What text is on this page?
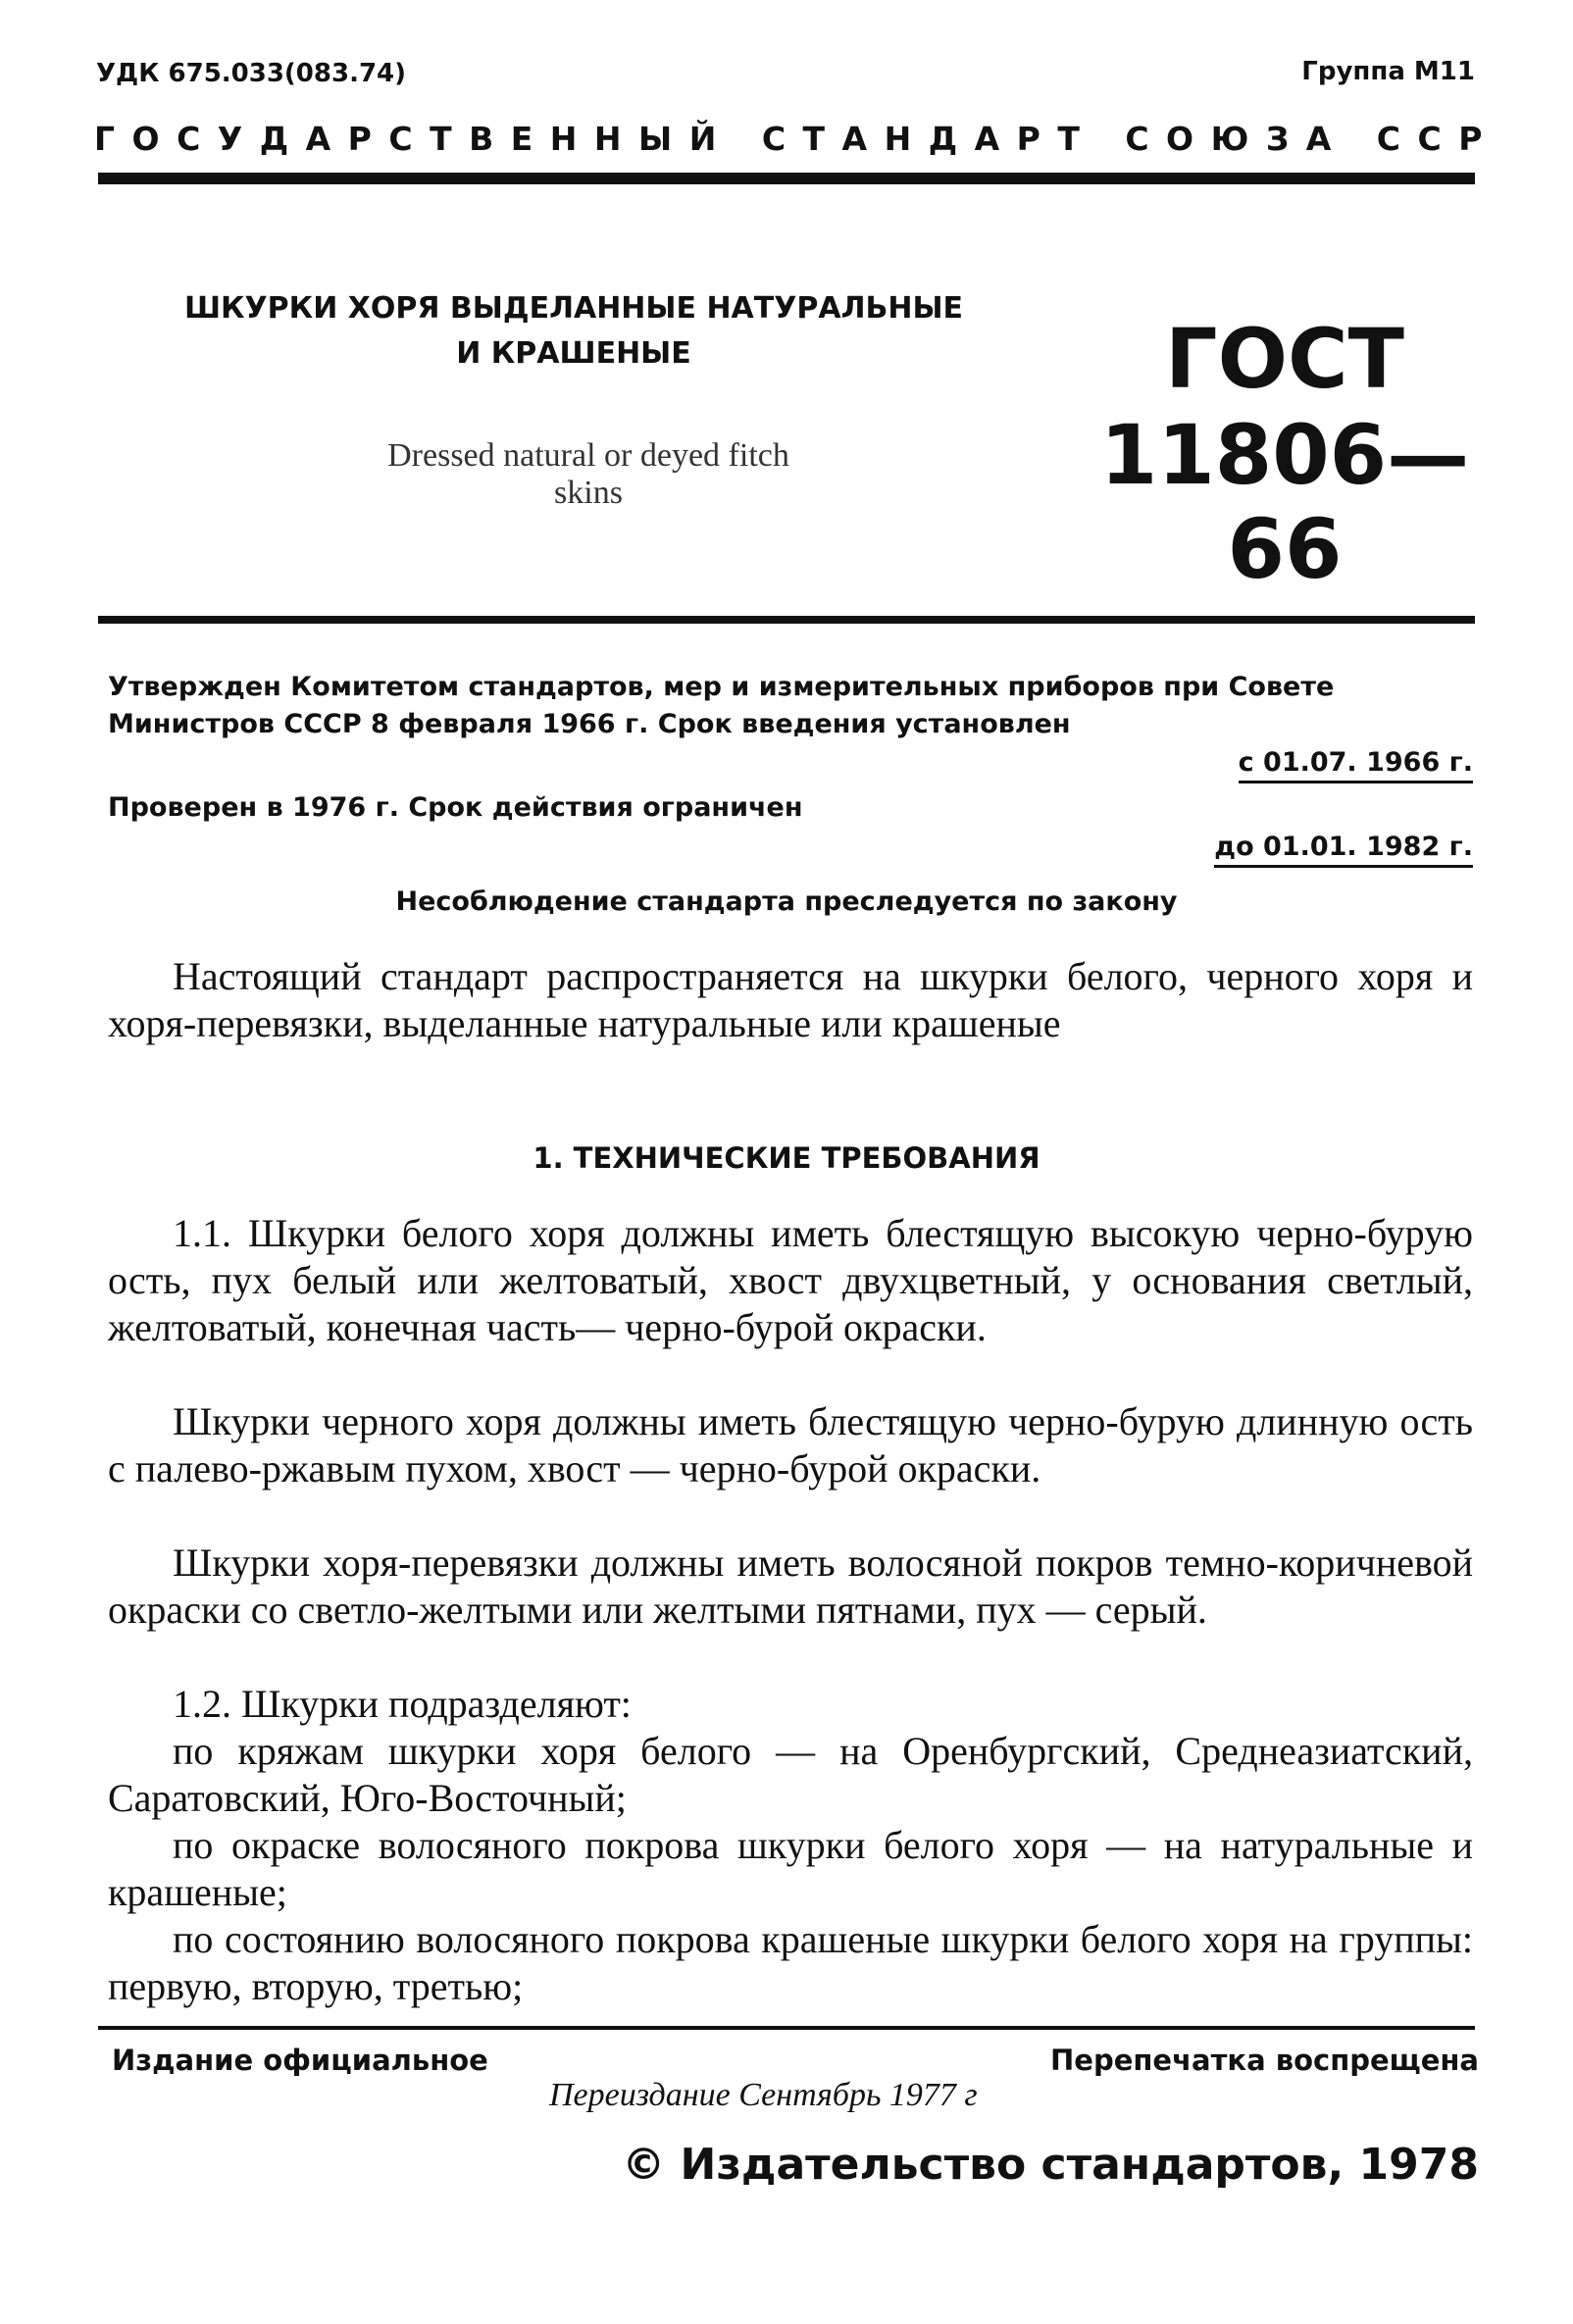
УДК 675.033(083.74)	Группа М11
ГОСУДАРСТВЕННЫЙ СТАНДАРТ СОЮЗА ССР
ШКУРКИ ХОРЯ ВЫДЕЛАННЫЕ НАТУРАЛЬНЫЕ
И КРАШЕНЫЕ
Dressed natural or deyed fitch
skins
ГОСТ
11806—66
Утвержден Комитетом стандартов, мер и измерительных приборов при Совете Министров СССР 8 февраля 1966 г. Срок введения установлен
с 01.07. 1966 г.
Проверен в 1976 г. Срок действия ограничен
до 01.01. 1982 г.
Несоблюдение стандарта преследуется по закону
Настоящий стандарт распространяется на шкурки белого, черного хоря и хоря-перевязки, выделанные натуральные или крашеные
1. ТЕХНИЧЕСКИЕ ТРЕБОВАНИЯ
1.1. Шкурки белого хоря должны иметь блестящую высокую черно-бурую ость, пух белый или желтоватый, хвост двухцветный, у основания светлый, желтоватый, конечная часть— черно-бурой окраски.
Шкурки черного хоря должны иметь блестящую черно-бурую длинную ость с палево-ржавым пухом, хвост — черно-бурой окраски.
Шкурки хоря-перевязки должны иметь волосяной покров темно-коричневой окраски со светло-желтыми или желтыми пятнами, пух — серый.
1.2. Шкурки подразделяют:
по кряжам шкурки хоря белого — на Оренбургский, Среднеазиатский, Саратовский, Юго-Восточный;
по окраске волосяного покрова шкурки белого хоря — на натуральные и крашеные;
по состоянию волосяного покрова крашеные шкурки белого хоря на группы: первую, вторую, третью;
Издание официальное	Перепечатка воспрещена
Переиздание Сентябрь 1977 г
© Издательство стандартов, 1978
